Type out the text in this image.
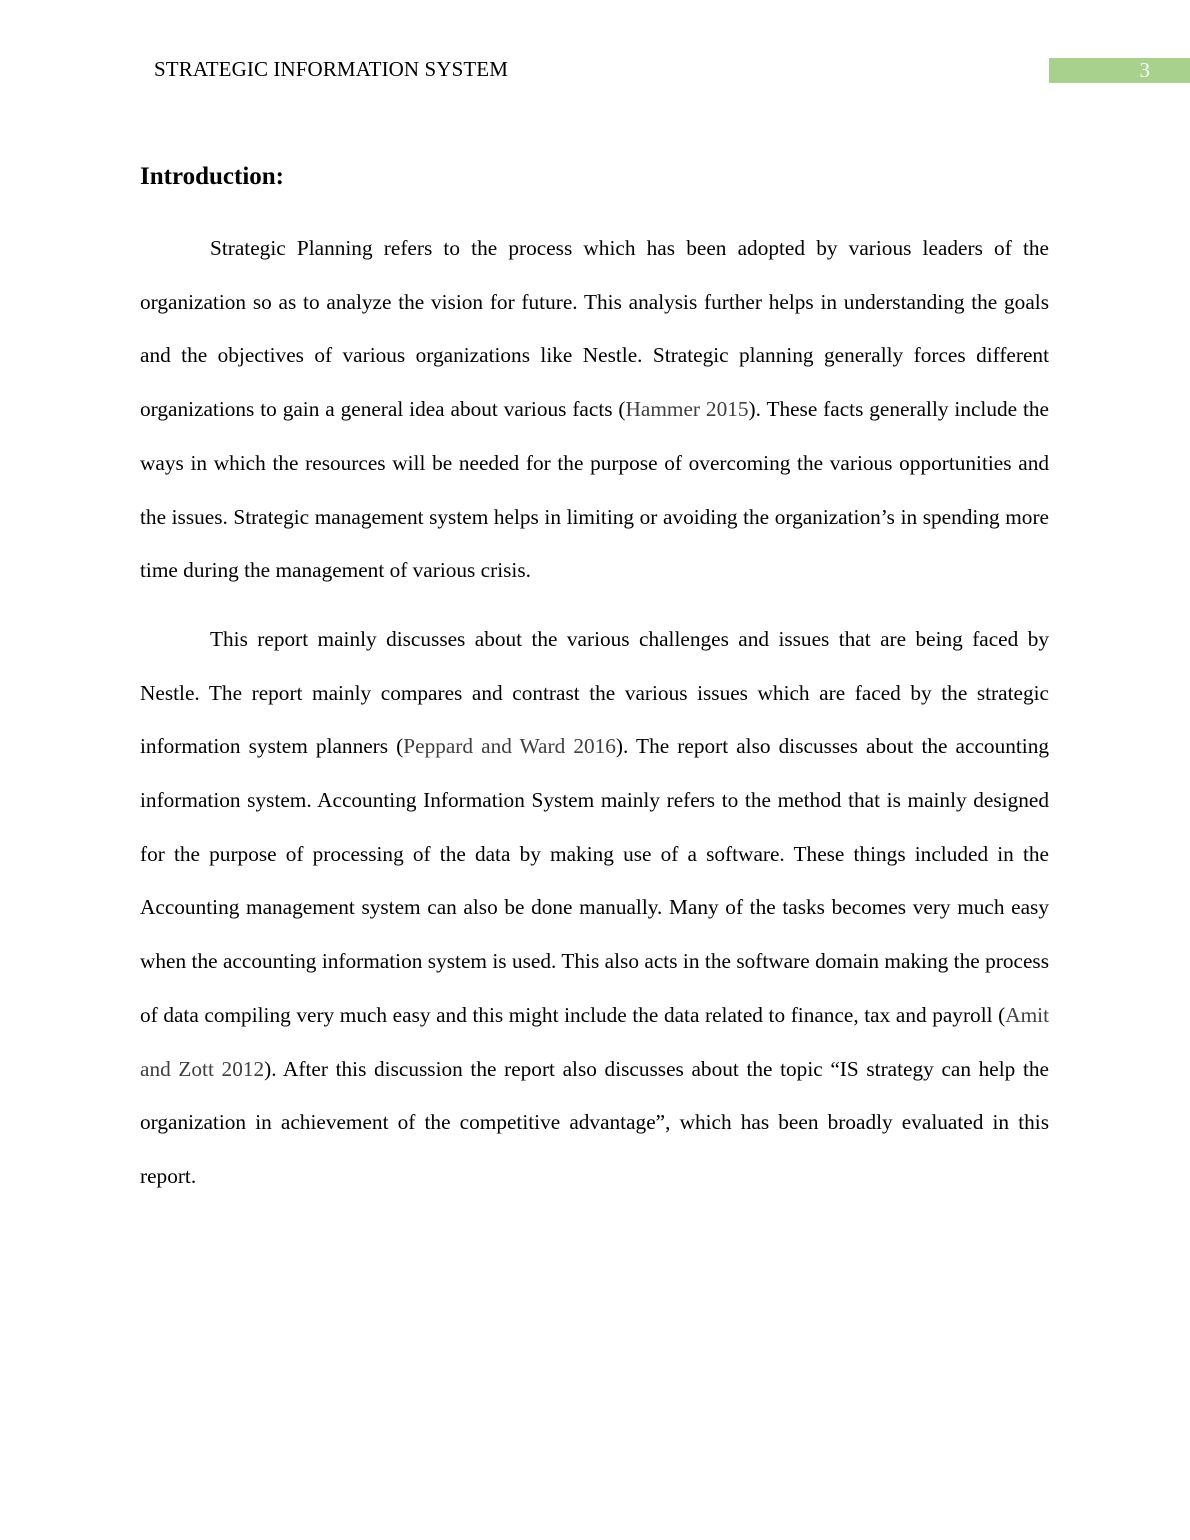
STRATEGIC INFORMATION SYSTEM	3
Introduction:

Strategic Planning refers to the process which has been adopted by various leaders of the organization so as to analyze the vision for future. This analysis further helps in understanding the goals and the objectives of various organizations like Nestle. Strategic planning generally forces different organizations to gain a general idea about various facts (Hammer 2015). These facts generally include the ways in which the resources will be needed for the purpose of overcoming the various opportunities and the issues. Strategic management system helps in limiting or avoiding the organization’s in spending more time during the management of various crisis.

This report mainly discusses about the various challenges and issues that are being faced by Nestle. The report mainly compares and contrast the various issues which are faced by the strategic information system planners (Peppard and Ward 2016). The report also discusses about the accounting information system. Accounting Information System mainly refers to the method that is mainly designed for the purpose of processing of the data by making use of a software. These things included in the Accounting management system can also be done manually. Many of the tasks becomes very much easy when the accounting information system is used. This also acts in the software domain making the process of data compiling very much easy and this might include the data related to finance, tax and payroll (Amit and Zott 2012). After this discussion the report also discusses about the topic “IS strategy can help the organization in achievement of the competitive advantage”, which has been broadly evaluated in this report.
